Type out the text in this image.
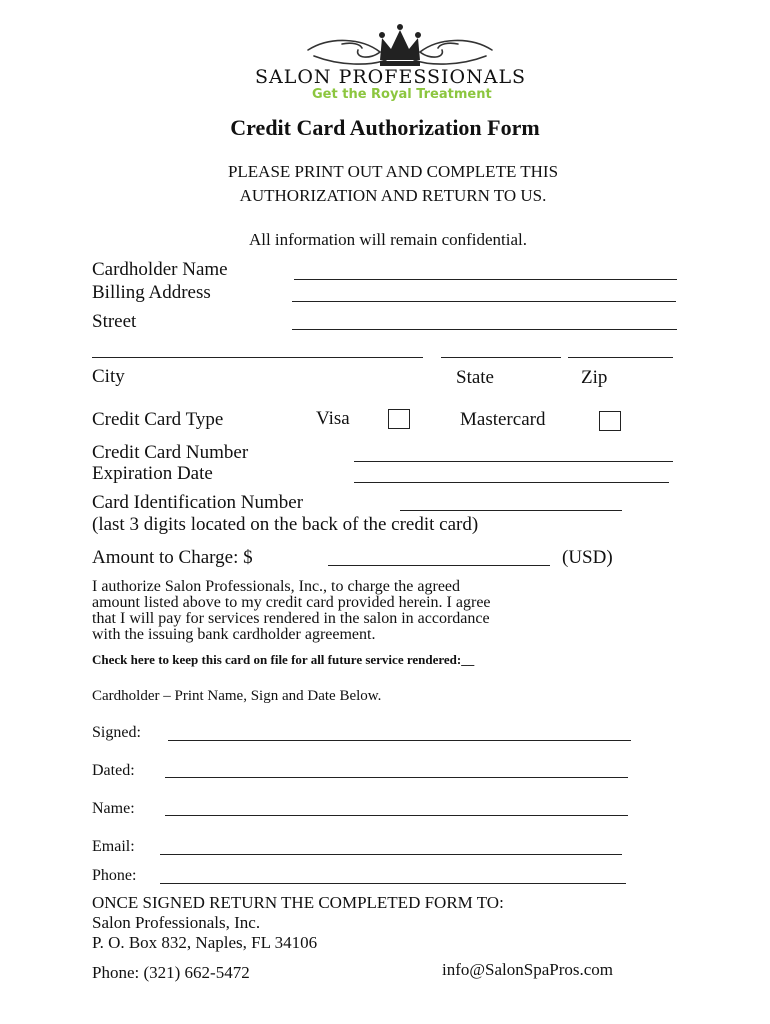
SALON PROFESSIONALS
Get the Royal Treatment
Credit Card Authorization Form
PLEASE PRINT OUT AND COMPLETE THIS
AUTHORIZATION AND RETURN TO US.
All information will remain confidential.
Cardholder Name
Billing Address
Street
City	State	Zip
Credit Card Type	Visa	Mastercard
Credit Card Number
Expiration Date
Card Identification Number
(last 3 digits located on the back of the credit card)
Amount to Charge: $	(USD)
I authorize Salon Professionals, Inc., to charge the agreed
amount listed above to my credit card provided herein. I agree
that I will pay for services rendered in the salon in accordance
with the issuing bank cardholder agreement.
Check here to keep this card on file for all future service rendered:__
Cardholder – Print Name, Sign and Date Below.
Signed:
Dated:
Name:
Email:
Phone:
ONCE SIGNED RETURN THE COMPLETED FORM TO:
Salon Professionals, Inc.
P. O. Box 832, Naples, FL 34106
Phone: (321) 662-5472	info@SalonSpaPros.com
